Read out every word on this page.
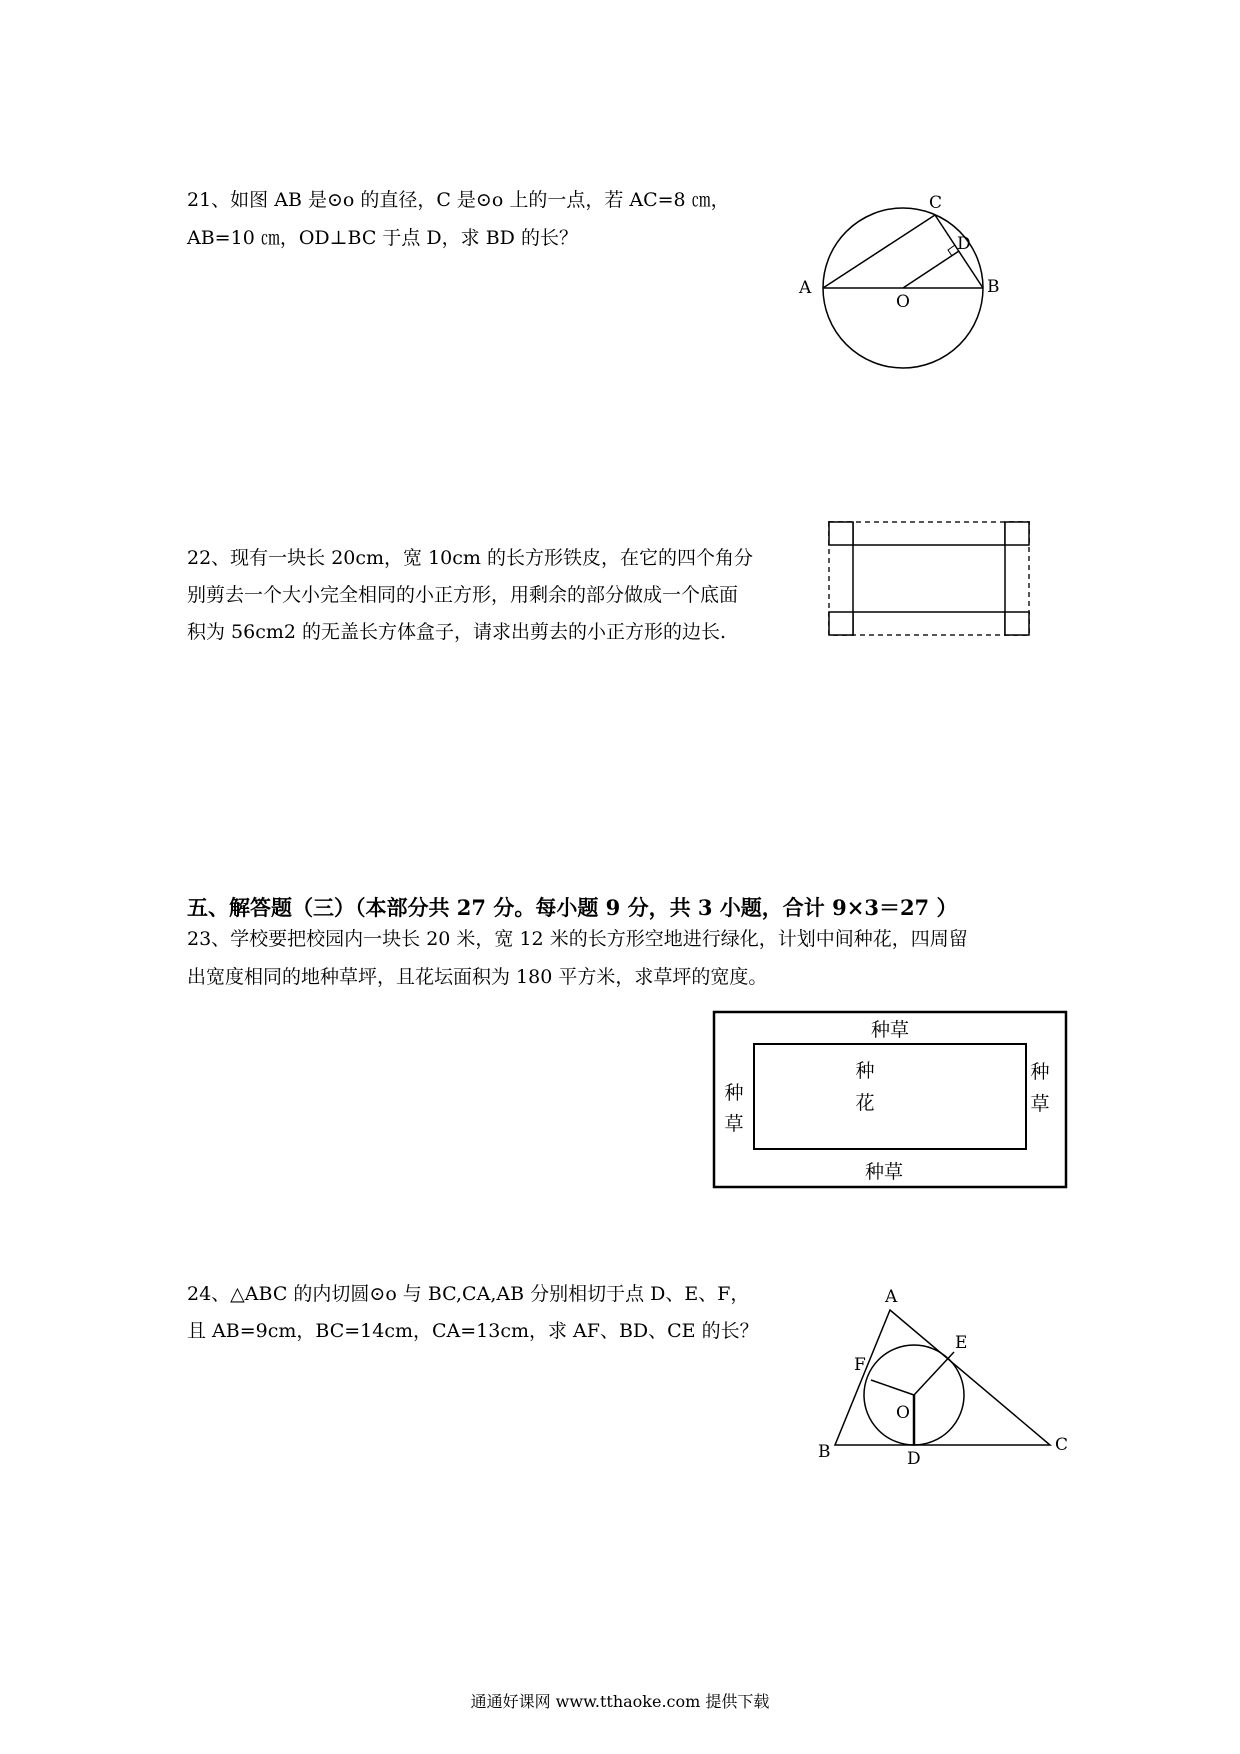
21、如图 AB 是⊙o 的直径，C 是⊙o 上的一点，若 AC=8 ㎝，
AB=10 ㎝，OD⊥BC 于点 D，求 BD 的长？
A	B
C
D
O
22、现有一块长 20cm，宽 10cm 的长方形铁皮，在它的四个角分
别剪去一个大小完全相同的小正方形，用剩余的部分做成一个底面
积为 56cm2 的无盖长方体盒子，请求出剪去的小正方形的边长.
五、解答题（三）（本部分共 27 分。每小题 9 分，共 3 小题，合计 9×3＝27 ）
23、学校要把校园内一块长 20 米，宽 12 米的长方形空地进行绿化，计划中间种花，四周留
出宽度相同的地种草坪，且花坛面积为 180 平方米，求草坪的宽度。
种草
种草
种
草
种
草
种
花
24、△ABC 的内切圆⊙o 与 BC,CA,AB 分别相切于点 D、E、F，
且 AB=9cm，BC=14cm，CA=13cm，求 AF、BD、CE 的长？
A
B	C
D
E
F
O
通通好课网 www.tthaoke.com 提供下载
